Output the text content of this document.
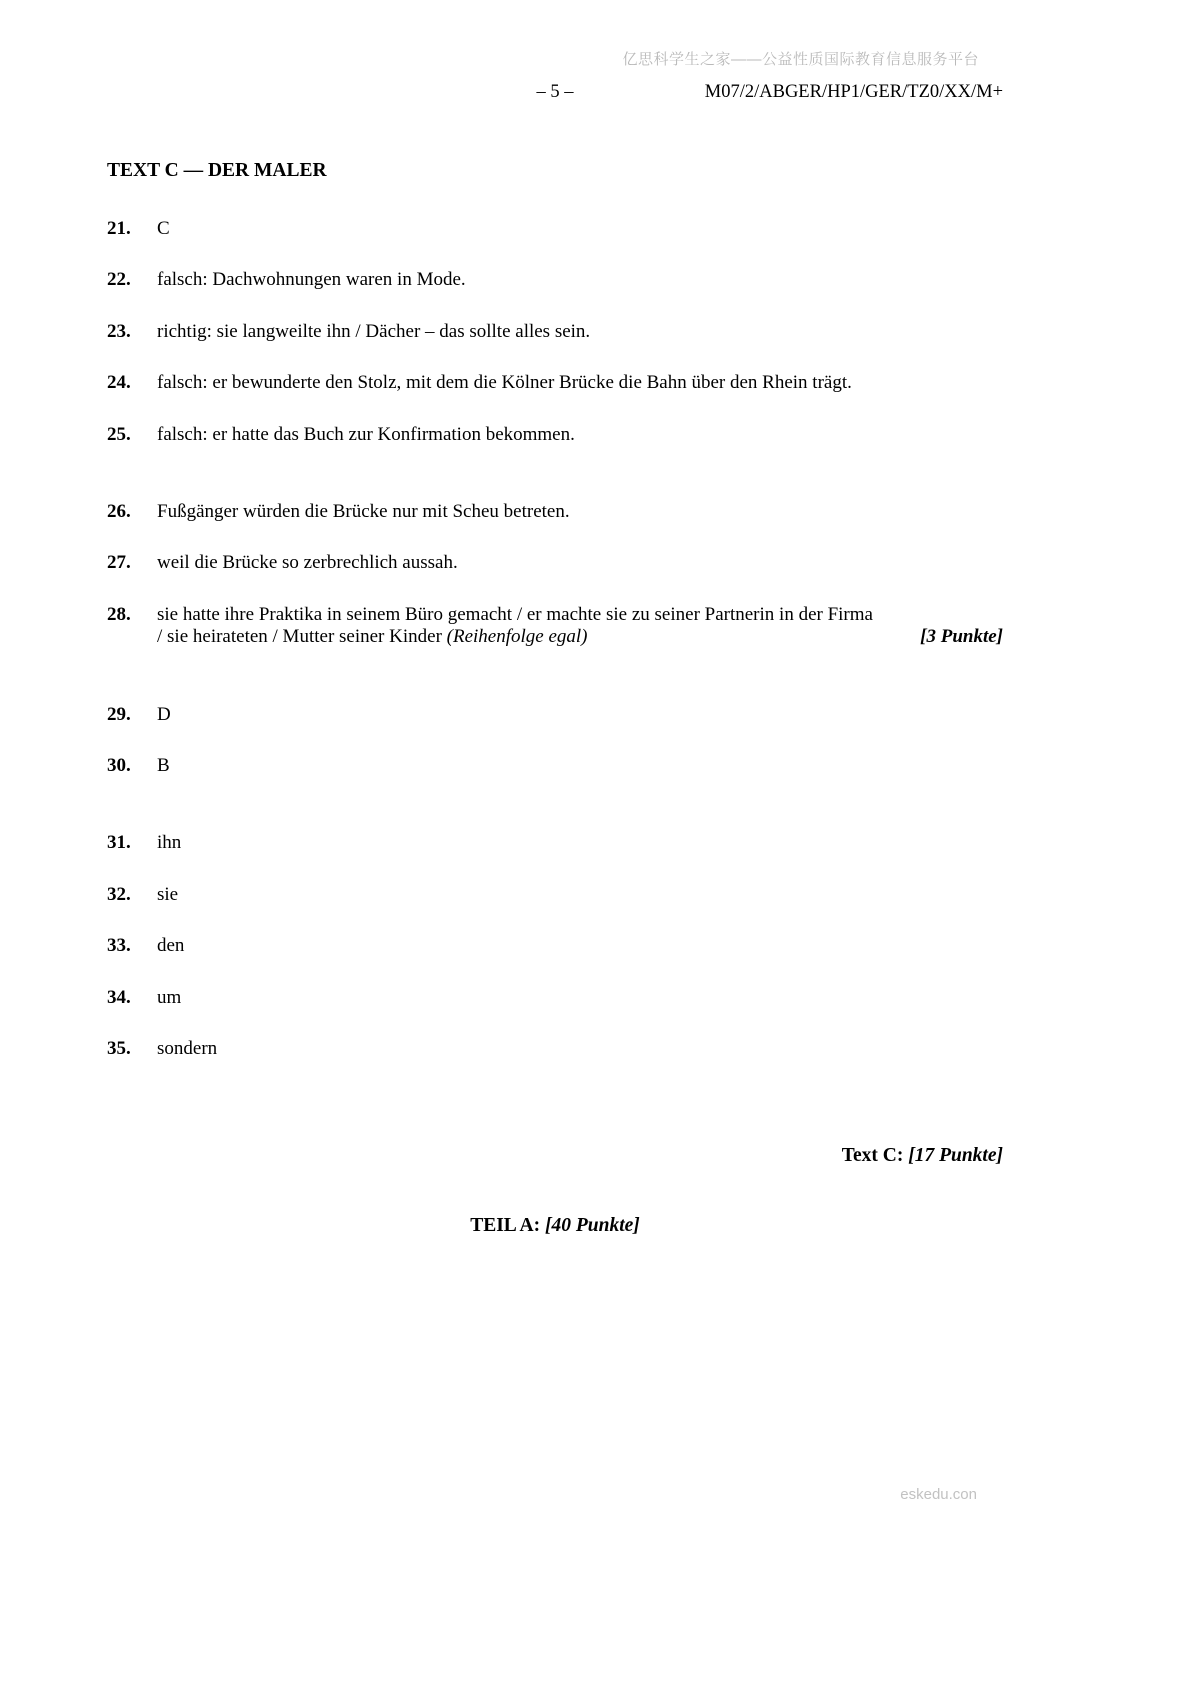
亿思科学生之家——公益性质国际教育信息服务平台
– 5 –	M07/2/ABGER/HP1/GER/TZ0/XX/M+
TEXT C — DER MALER
21.	C
22.	falsch: Dachwohnungen waren in Mode.
23.	richtig: sie langweilte ihn / Dächer – das sollte alles sein.
24.	falsch: er bewunderte den Stolz, mit dem die Kölner Brücke die Bahn über den Rhein trägt.
25.	falsch: er hatte das Buch zur Konfirmation bekommen.
26.	Fußgänger würden die Brücke nur mit Scheu betreten.
27.	weil die Brücke so zerbrechlich aussah.
28.	sie hatte ihre Praktika in seinem Büro gemacht / er machte sie zu seiner Partnerin in der Firma
/ sie heirateten / Mutter seiner Kinder (Reihenfolge egal)	[3 Punkte]
29.	D
30.	B
31.	ihn
32.	sie
33.	den
34.	um
35.	sondern
Text C: [17 Punkte]
TEIL A: [40 Punkte]
eskedu.con
